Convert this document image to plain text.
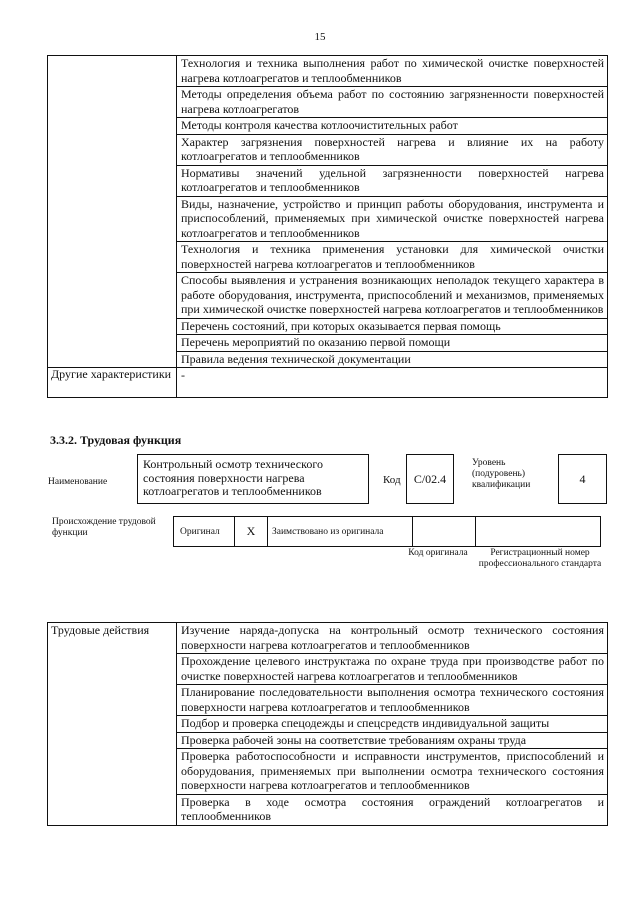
15
	Технология и техника выполнения работ по химической очистке поверхностей нагрева котлоагрегатов и теплообменников
	Методы определения объема работ по состоянию загрязненности поверхностей нагрева котлоагрегатов
	Методы контроля качества котлоочистительных работ
	Характер загрязнения поверхностей нагрева и влияние их на работу котлоагрегатов и теплообменников
	Нормативы значений удельной загрязненности поверхностей нагрева котлоагрегатов и теплообменников
	Виды, назначение, устройство и принцип работы оборудования, инструмента и приспособлений, применяемых при химической очистке поверхностей нагрева котлоагрегатов и теплообменников
	Технология и техника применения установки для химической очистки поверхностей нагрева котлоагрегатов и теплообменников
	Способы выявления и устранения возникающих неполадок текущего характера в работе оборудования, инструмента, приспособлений и механизмов, применяемых при химической очистке поверхностей нагрева котлоагрегатов и теплообменников
	Перечень состояний, при которых оказывается первая помощь
	Перечень мероприятий по оказанию первой помощи
	Правила ведения технической документации
Другие характеристики	-
3.3.2. Трудовая функция
Наименование
Контрольный осмотр технического состояния поверхности нагрева котлоагрегатов и теплообменников
Код	C/02.4
Уровень (подуровень) квалификации	4
Происхождение трудовой функции	Оригинал	X	Заимствовано из оригинала
Код оригинала	Регистрационный номер профессионального стандарта
Трудовые действия	Изучение наряда-допуска на контрольный осмотр технического состояния поверхности нагрева котлоагрегатов и теплообменников
Прохождение целевого инструктажа по охране труда при производстве работ по очистке поверхностей нагрева котлоагрегатов и теплообменников
Планирование последовательности выполнения осмотра технического состояния поверхности нагрева котлоагрегатов и теплообменников
Подбор и проверка спецодежды и спецсредств индивидуальной защиты
Проверка рабочей зоны на соответствие требованиям охраны труда
Проверка работоспособности и исправности инструментов, приспособлений и оборудования, применяемых при выполнении осмотра технического состояния поверхности нагрева котлоагрегатов и теплообменников
Проверка в ходе осмотра состояния ограждений котлоагрегатов и теплообменников
